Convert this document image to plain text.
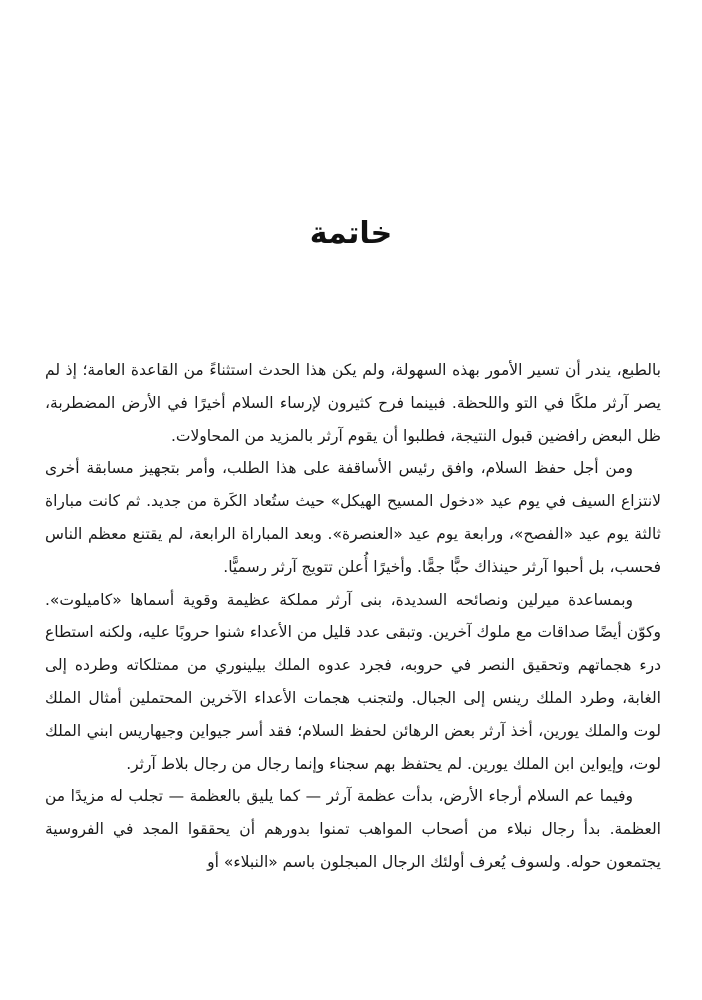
خاتمة

بالطبع، يندر أن تسير الأمور بهذه السهولة، ولم يكن هذا الحدث استثناءً من القاعدة العامة؛ إذ لم يصر آرثر ملكًا في التو واللحظة. فبينما فرح كثيرون لإرساء السلام أخيرًا في الأرض المضطربة، ظل البعض رافضين قبول النتيجة، فطلبوا أن يقوم آرثر بالمزيد من المحاولات.

ومن أجل حفظ السلام، وافق رئيس الأساقفة على هذا الطلب، وأمر بتجهيز مسابقة أخرى لانتزاع السيف في يوم عيد «دخول المسيح الهيكل» حيث ستُعاد الكَرة من جديد. ثم كانت مباراة ثالثة يوم عيد «الفصح»، ورابعة يوم عيد «العنصرة». وبعد المباراة الرابعة، لم يقتنع معظم الناس فحسب، بل أحبوا آرثر حينذاك حبًّا جمًّا. وأخيرًا أُعلن تتويج آرثر رسميًّا.

وبمساعدة ميرلين ونصائحه السديدة، بنى آرثر مملكة عظيمة وقوية أسماها «كاميلوت». وكوّن أيضًا صداقات مع ملوك آخرين. وتبقى عدد قليل من الأعداء شنوا حروبًا عليه، ولكنه استطاع درء هجماتهم وتحقيق النصر في حروبه، فجرد عدوه الملك بيلينوري من ممتلكاته وطرده إلى الغابة، وطرد الملك رينس إلى الجبال. ولتجنب هجمات الأعداء الآخرين المحتملين أمثال الملك لوت والملك يورين، أخذ آرثر بعض الرهائن لحفظ السلام؛ فقد أسر جيواين وجيهاريس ابني الملك لوت، وإيواين ابن الملك يورين. لم يحتفظ بهم سجناء وإنما رجال من رجال بلاط آرثر.

وفيما عم السلام أرجاء الأرض، بدأت عظمة آرثر — كما يليق بالعظمة — تجلب له مزيدًا من العظمة. بدأ رجال نبلاء من أصحاب المواهب تمنوا بدورهم أن يحققوا المجد في الفروسية يجتمعون حوله. ولسوف يُعرف أولئك الرجال المبجلون باسم «النبلاء» أو
